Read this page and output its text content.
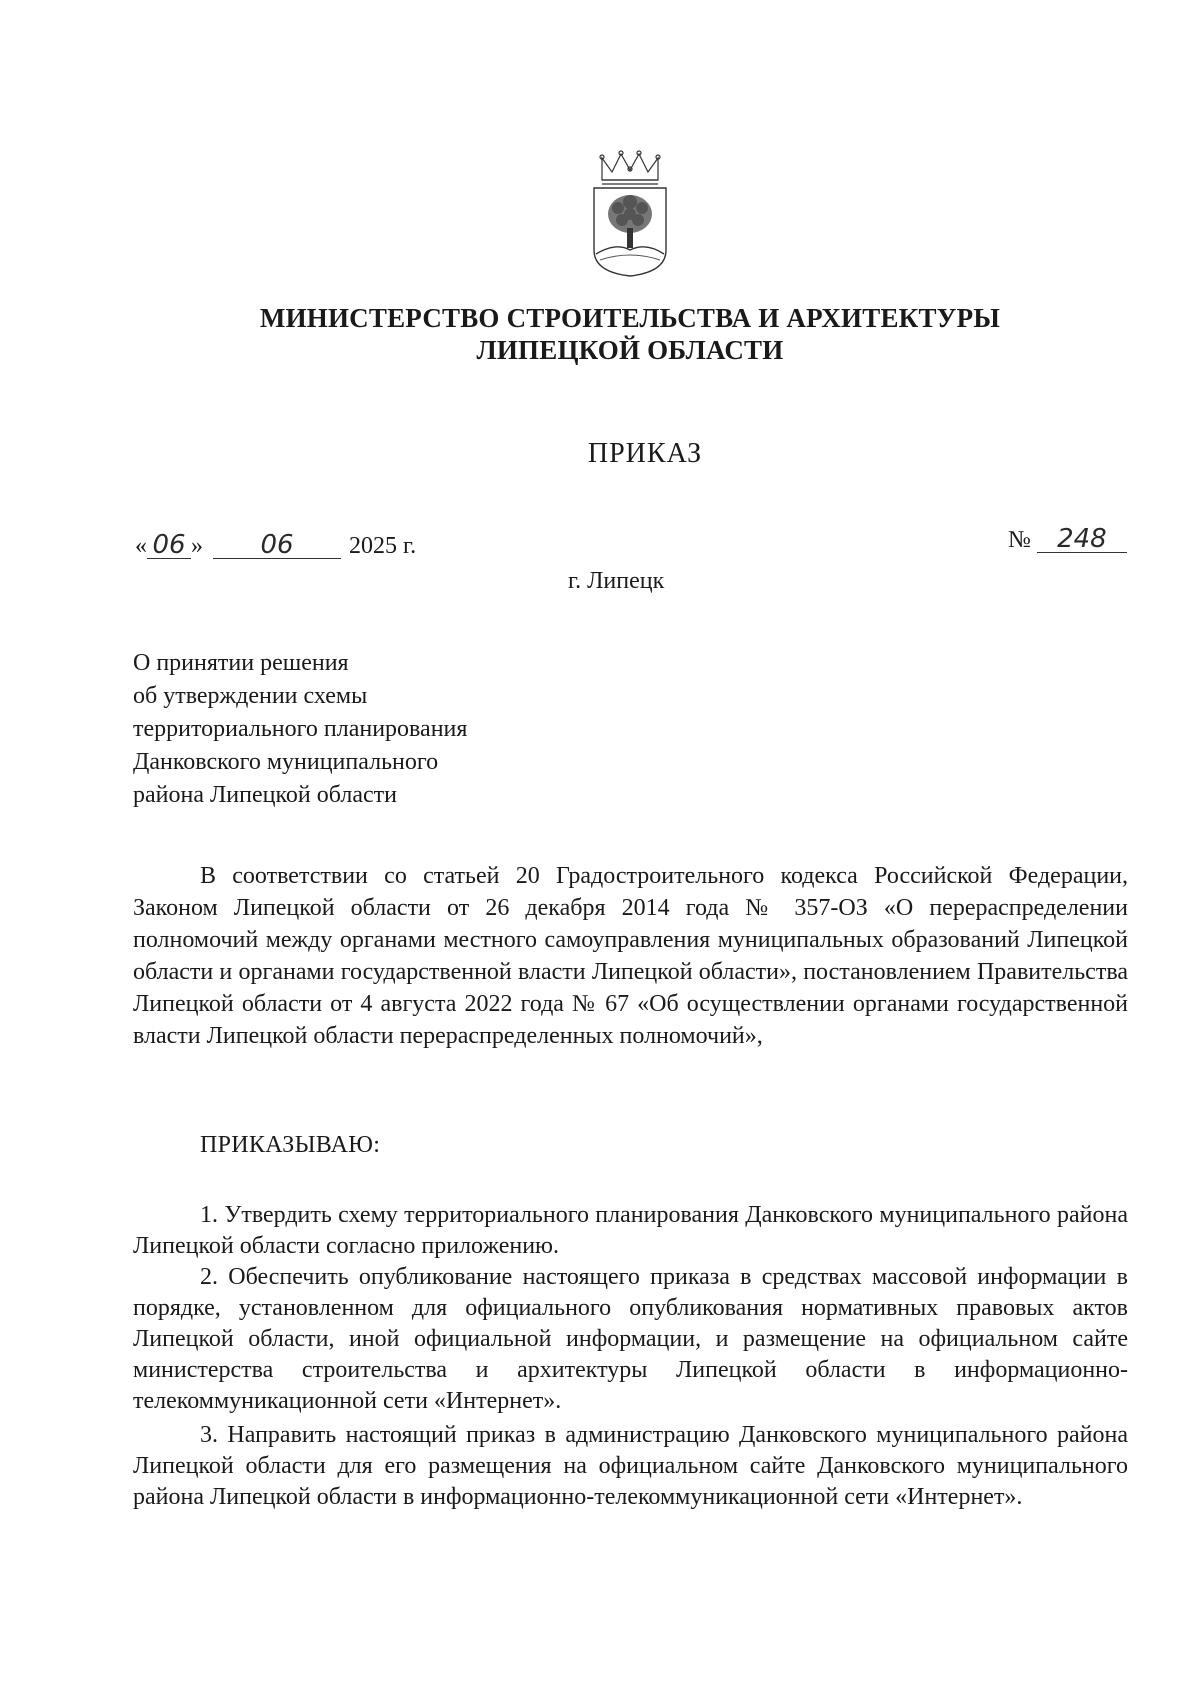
МИНИСТЕРСТВО СТРОИТЕЛЬСТВА И АРХИТЕКТУРЫ
ЛИПЕЦКОЙ ОБЛАСТИ
ПРИКАЗ
« 06 »	06	2025 г.	№	248
г. Липецк
О принятии решения
об утверждении схемы
территориального планирования
Данковского муниципального
района Липецкой области

В соответствии со статьей 20 Градостроительного кодекса Российской Федерации, Законом Липецкой области от 26 декабря 2014 года № 357-ОЗ «О перераспределении полномочий между органами местного самоуправления муниципальных образований Липецкой области и органами государственной власти Липецкой области», постановлением Правительства Липецкой области от 4 августа 2022 года № 67 «Об осуществлении органами государственной власти Липецкой области перераспределенных полномочий»,

ПРИКАЗЫВАЮ:

1. Утвердить схему территориального планирования Данковского муниципального района Липецкой области согласно приложению.

2. Обеспечить опубликование настоящего приказа в средствах массовой информации в порядке, установленном для официального опубликования нормативных правовых актов Липецкой области, иной официальной информации, и размещение на официальном сайте министерства строительства и архитектуры Липецкой области в информационно-телекоммуникационной сети «Интернет».

3. Направить настоящий приказ в администрацию Данковского муниципального района Липецкой области для его размещения на официальном сайте Данковского муниципального района Липецкой области в информационно-телекоммуникационной сети «Интернет».
